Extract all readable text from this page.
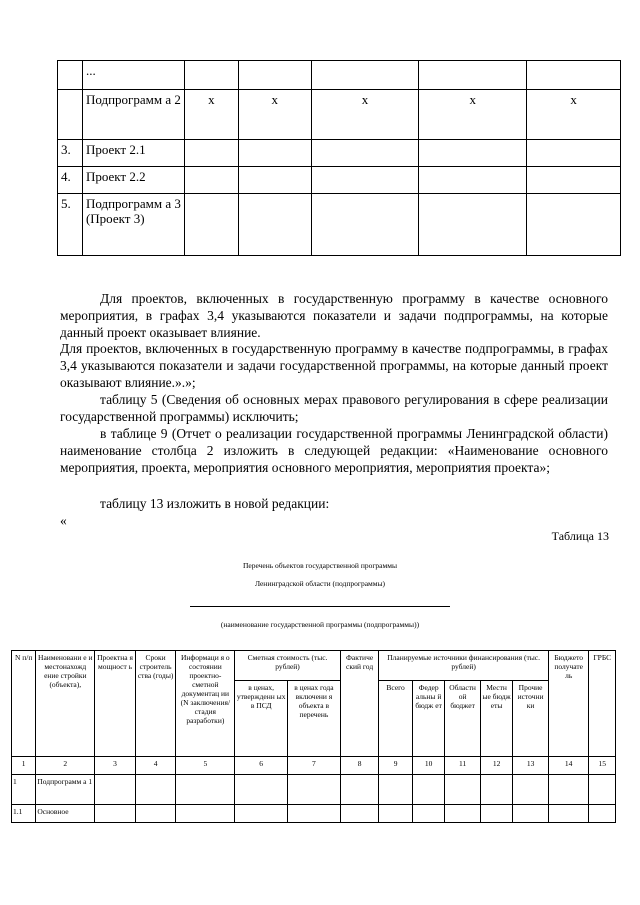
	...					
	Подпрограмм а 2	х	х	х	х	х
3.	Проект 2.1					
4.	Проект 2.2					
5.	Подпрограмм а 3 (Проект 3)					
Для проектов, включенных в государственную программу в качестве основного мероприятия, в графах 3,4 указываются показатели и задачи подпрограммы, на которые данный проект оказывает влияние.
Для проектов, включенных в государственную программу в качестве подпрограммы, в графах 3,4 указываются показатели и задачи государственной программы, на которые данный проект оказывают влияние.».»;
таблицу 5 (Сведения об основных мерах правового регулирования в сфере реализации государственной программы) исключить;
в таблице 9 (Отчет о реализации государственной программы Ленинградской области) наименование столбца 2 изложить в следующей редакции: «Наименование основного мероприятия, проекта, мероприятия основного мероприятия, мероприятия проекта»;
таблицу 13 изложить в новой редакции:
«
Таблица 13
Перечень объектов государственной программы
Ленинградской области (подпрограммы)
(наименование государственной программы (подпрограммы))
N п/п	Наименовани е и местонахожд ение стройки (объекта),	Проектна я мощност ь	Сроки строитель ства (годы)	Информаци я о состоянии проектно-сметной документац ии (N заключения/ стадия разработки)	Сметная стоимость (тыс. рублей)		Фактиче ский год	Планируемые источники финансирования (тыс. рублей)					Бюджето получате ль	ГРБС
					в ценах, утвержденн ых в ПСД	в ценах года включени я объекта в перечень		Всего	Федер альны й бюдж ет	Областн ой бюджет	Местн ые бюдж еты	Прочие источни ки		
1	2	3	4	5	6	7	8	9	10	11	12	13	14	15
1	Подпрограмм а 1													
1.1	Основное													
